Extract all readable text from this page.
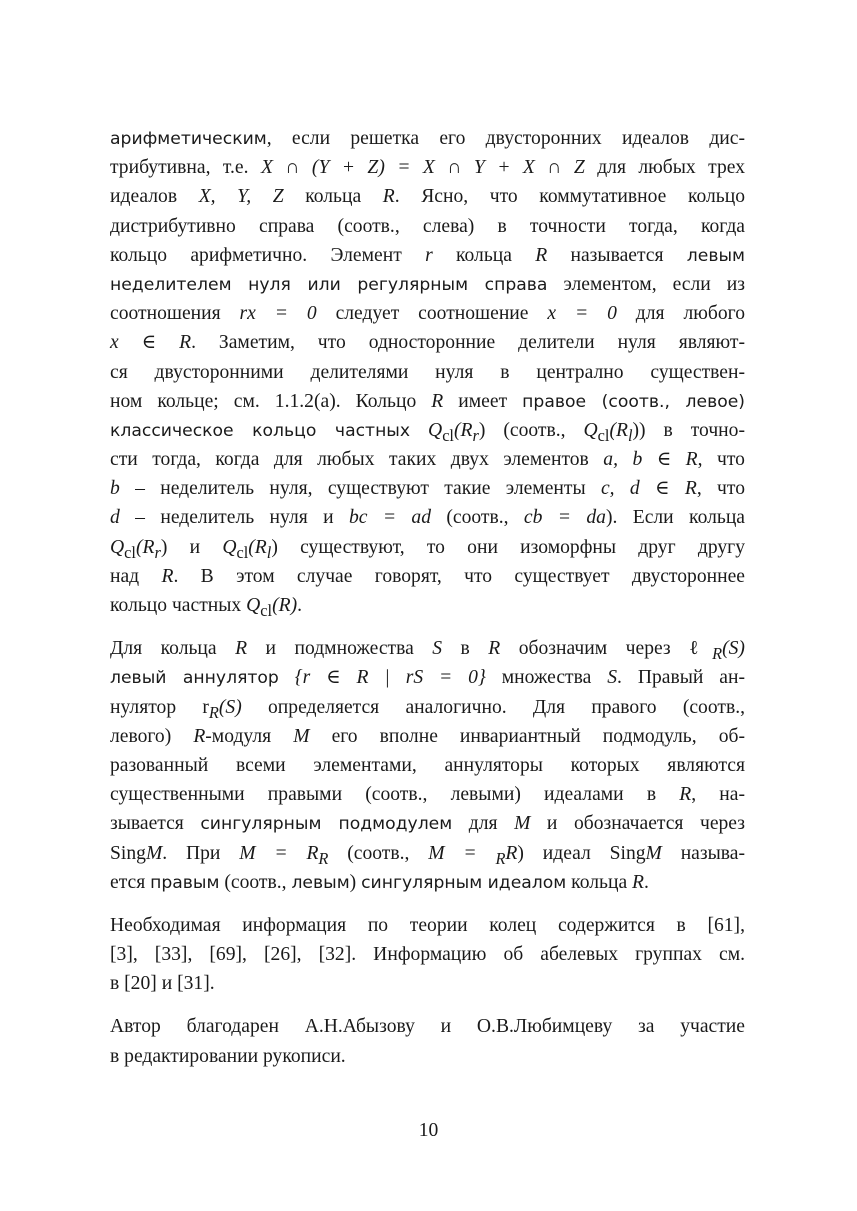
арифметическим, если решетка его двусторонних идеалов дис-
трибутивна, т.е. X ∩ (Y + Z) = X ∩ Y + X ∩ Z для любых трех
идеалов X, Y, Z кольца R. Ясно, что коммутативное кольцо
дистрибутивно справа (соотв., слева) в точности тогда, когда
кольцо арифметично. Элемент r кольца R называется левым
неделителем нуля или регулярным справа элементом, если из
соотношения rx = 0 следует соотношение x = 0 для любого
x ∈ R. Заметим, что односторонние делители нуля являют-
ся двусторонними делителями нуля в централно существен-
ном кольце; см. 1.1.2(a). Кольцо R имеет правое (соотв., левое)
классическое кольцо частных $Q_{cl}(R_r)$ (соотв., $Q_{cl}(R_l)$) в точно-
сти тогда, когда для любых таких двух элементов a, b ∈ R, что
b – неделитель нуля, существуют такие элементы c, d ∈ R, что
d – неделитель нуля и bc = ad (соотв., cb = da). Если кольца
$Q_{cl}(R_r)$ и $Q_{cl}(R_l)$ существуют, то они изоморфны друг другу
над R. В этом случае говорят, что существует двустороннее
кольцо частных $Q_{cl}(R)$.
Для кольца R и подмножества S в R обозначим через ℓ$_R$(S)
левый аннулятор {r ∈ R | rS = 0} множества S. Правый ан-
нулятор $r_R(S)$ определяется аналогично. Для правого (соотв.,
левого) R-модуля M его вполне инвариантный подмодуль, об-
разованный всеми элементами, аннуляторы которых являются
существенными правыми (соотв., левыми) идеалами в R, на-
зывается сингулярным подмодулем для M и обозначается через
SingM. При $M = R_R$ (соотв., M = $_R$R) идеал SingM называ-
ется правым (соотв., левым) сингулярным идеалом кольца R.
Необходимая информация по теории колец содержится в [61],
[3], [33], [69], [26], [32]. Информацию об абелевых группах см.
в [20] и [31].
Автор благодарен А.Н.Абызову и О.В.Любимцеву за участие
в редактировании рукописи.
10
